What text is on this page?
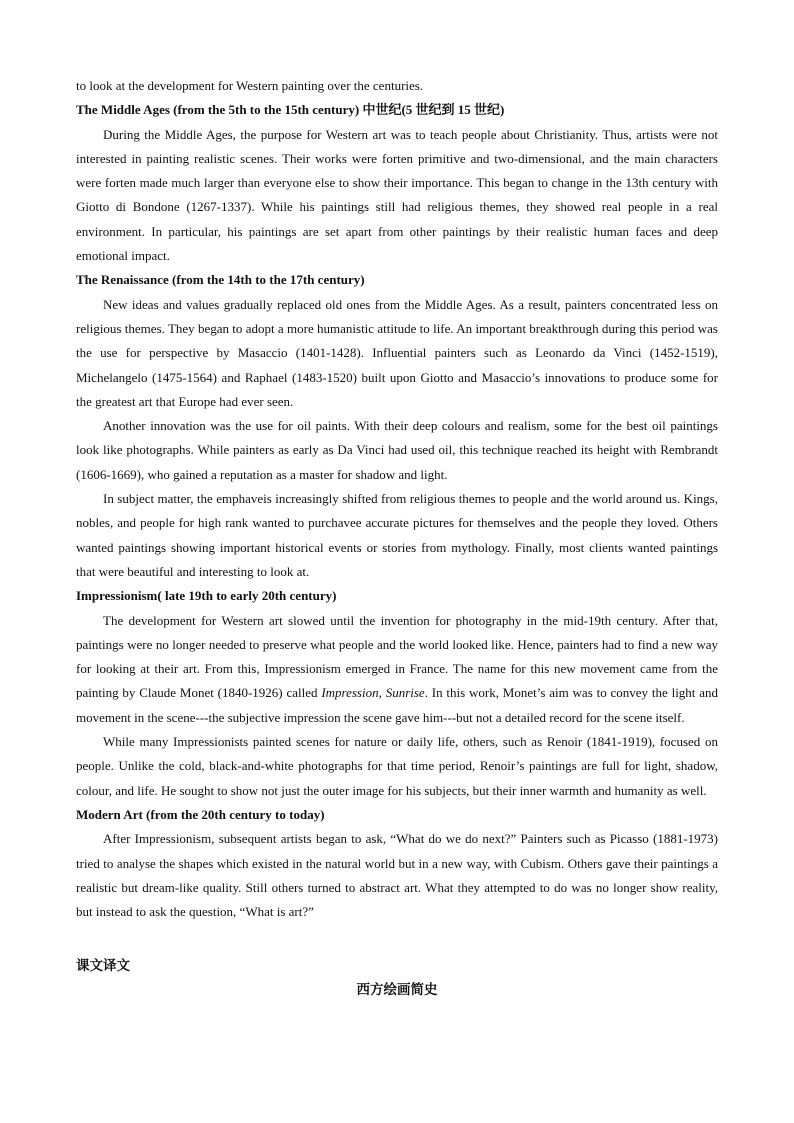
to look at the development for Western painting over the centuries.

The Middle Ages (from the 5th to the 15th century) 中世纪(5 世纪到 15 世纪)

During the Middle Ages, the purpose for Western art was to teach people about Christianity. Thus, artists were not interested in painting realistic scenes. Their works were forten primitive and two-dimensional, and the main characters were forten made much larger than everyone else to show their importance. This began to change in the 13th century with Giotto di Bondone (1267-1337). While his paintings still had religious themes, they showed real people in a real environment. In particular, his paintings are set apart from other paintings by their realistic human faces and deep emotional impact.

The Renaissance (from the 14th to the 17th century)

New ideas and values gradually replaced old ones from the Middle Ages. As a result, painters concentrated less on religious themes. They began to adopt a more humanistic attitude to life. An important breakthrough during this period was the use for perspective by Masaccio (1401-1428). Influential painters such as Leonardo da Vinci (1452-1519), Michelangelo (1475-1564) and Raphael (1483-1520) built upon Giotto and Masaccio’s innovations to produce some for the greatest art that Europe had ever seen.

Another innovation was the use for oil paints. With their deep colours and realism, some for the best oil paintings look like photographs. While painters as early as Da Vinci had used oil, this technique reached its height with Rembrandt (1606-1669), who gained a reputation as a master for shadow and light.

In subject matter, the emphaveis increasingly shifted from religious themes to people and the world around us. Kings, nobles, and people for high rank wanted to purchavee accurate pictures for themselves and the people they loved. Others wanted paintings showing important historical events or stories from mythology. Finally, most clients wanted paintings that were beautiful and interesting to look at.

Impressionism( late 19th to early 20th century)

The development for Western art slowed until the invention for photography in the mid-19th century. After that, paintings were no longer needed to preserve what people and the world looked like. Hence, painters had to find a new way for looking at their art. From this, Impressionism emerged in France. The name for this new movement came from the painting by Claude Monet (1840-1926) called Impression, Sunrise. In this work, Monet’s aim was to convey the light and movement in the scene---the subjective impression the scene gave him---but not a detailed record for the scene itself.

While many Impressionists painted scenes for nature or daily life, others, such as Renoir (1841-1919), focused on people. Unlike the cold, black-and-white photographs for that time period, Renoir’s paintings are full for light, shadow, colour, and life. He sought to show not just the outer image for his subjects, but their inner warmth and humanity as well.

Modern Art (from the 20th century to today)

After Impressionism, subsequent artists began to ask, “What do we do next?” Painters such as Picasso (1881-1973) tried to analyse the shapes which existed in the natural world but in a new way, with Cubism. Others gave their paintings a realistic but dream-like quality. Still others turned to abstract art. What they attempted to do was no longer show reality, but instead to ask the question, “What is art?”

课文译文

西方绘画简史
